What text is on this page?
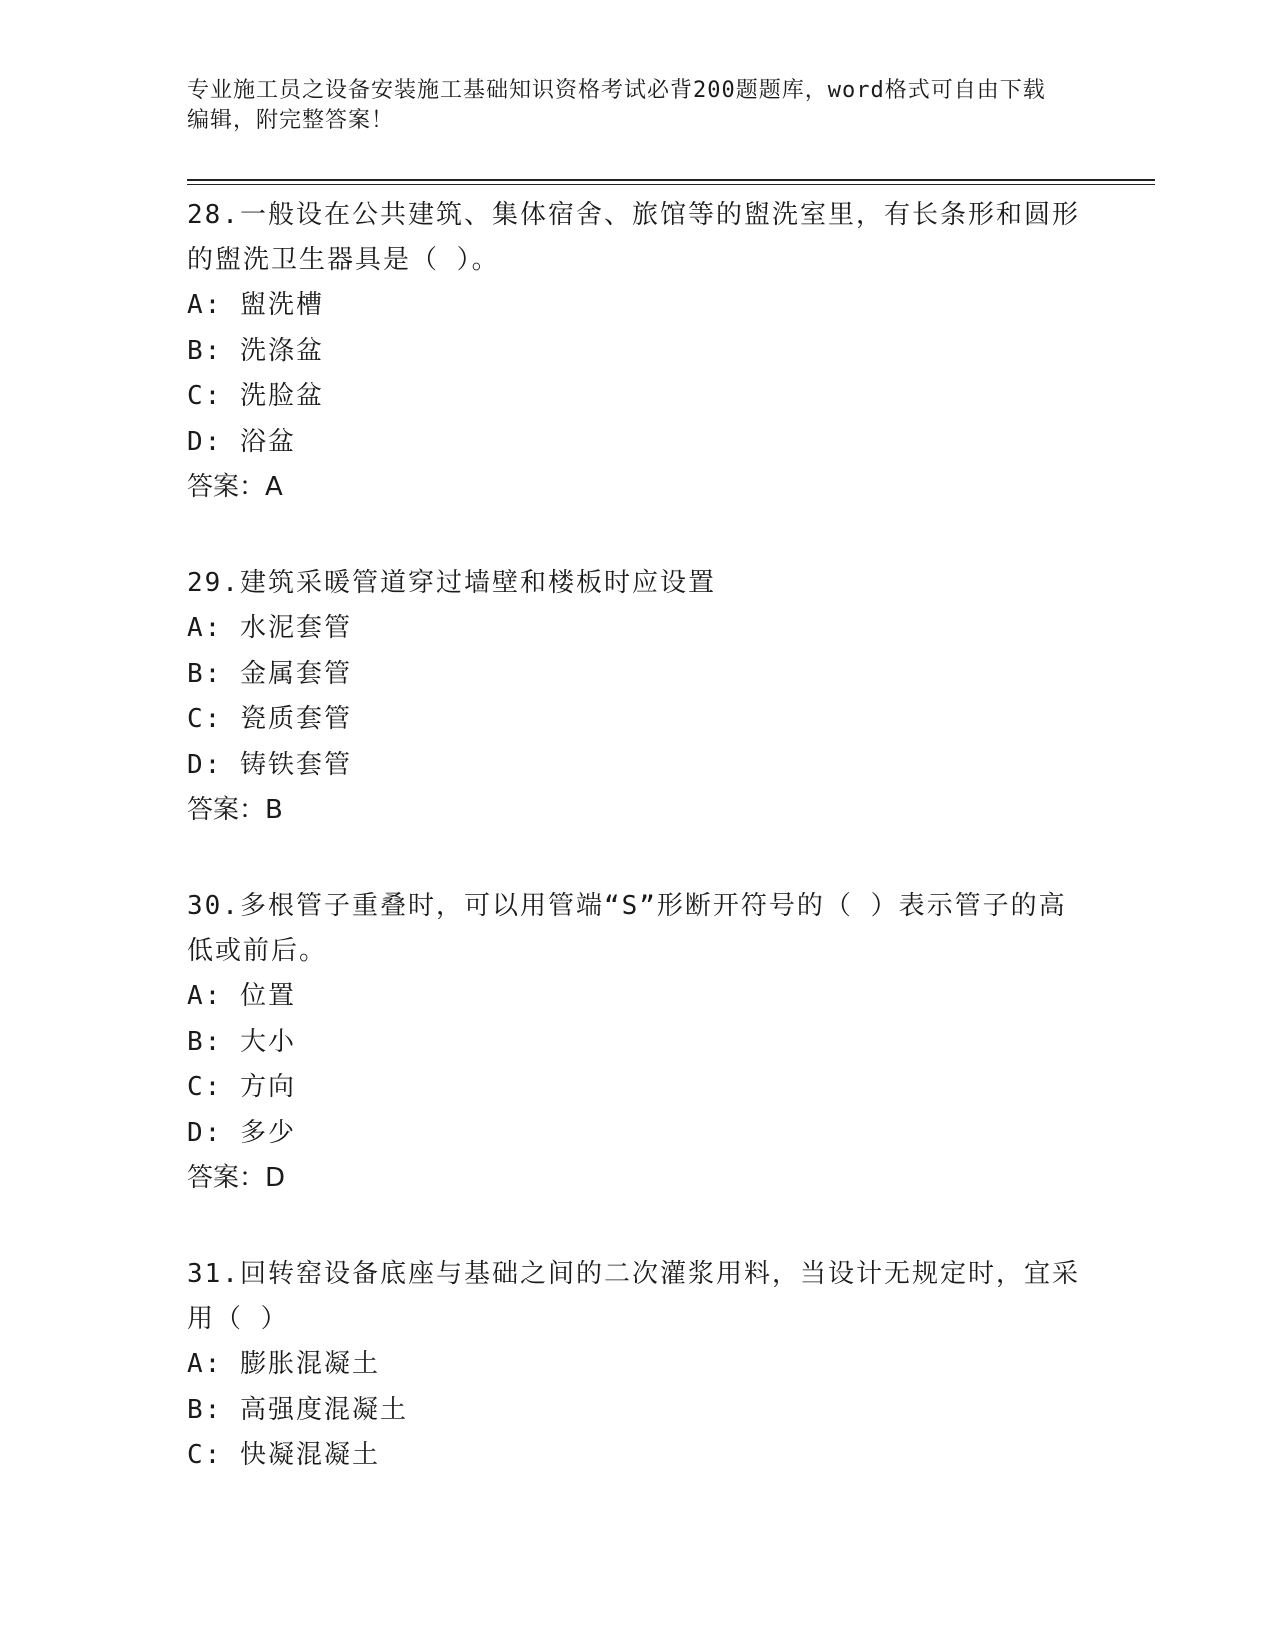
专业施工员之设备安装施工基础知识资格考试必背200题题库，word格式可自由下载编辑，附完整答案！

28.一般设在公共建筑、集体宿舍、旅馆等的盥洗室里，有长条形和圆形的盥洗卫生器具是（ ）。

A: 盥洗槽

B: 洗涤盆

C: 洗脸盆

D: 浴盆

答案：A

29.建筑采暖管道穿过墙壁和楼板时应设置

A: 水泥套管

B: 金属套管

C: 瓷质套管

D: 铸铁套管

答案：B

30.多根管子重叠时，可以用管端“S”形断开符号的（ ）表示管子的高低或前后。

A: 位置

B: 大小

C: 方向

D: 多少

答案：D

31.回转窑设备底座与基础之间的二次灌浆用料，当设计无规定时，宜采用（ ）

A: 膨胀混凝土

B: 高强度混凝土

C: 快凝混凝土
